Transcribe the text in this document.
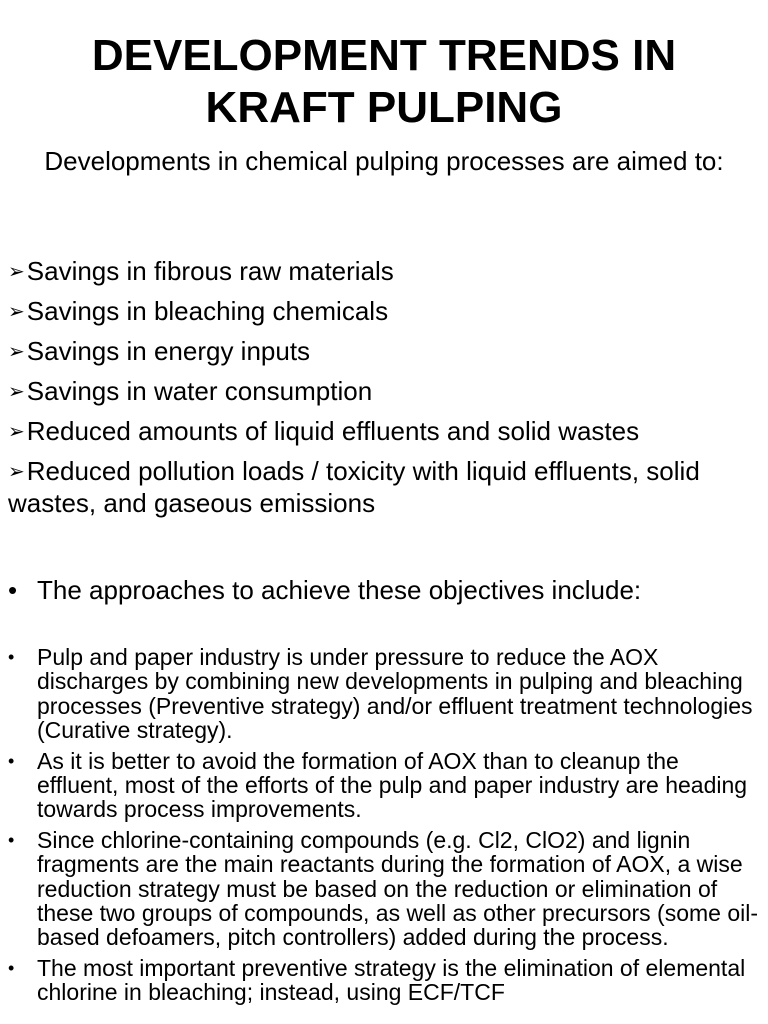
DEVELOPMENT TRENDS IN
KRAFT PULPING

Developments in chemical pulping processes are aimed to:

➢Savings in fibrous raw materials
➢Savings in bleaching chemicals
➢Savings in energy inputs
➢Savings in water consumption
➢Reduced amounts of liquid effluents and solid wastes
➢Reduced pollution loads / toxicity with liquid effluents, solid wastes, and gaseous emissions
• The approaches to achieve these objectives include:
• Pulp and paper industry is under pressure to reduce the AOX discharges by combining new developments in pulping and bleaching processes (Preventive strategy) and/or effluent treatment technologies (Curative strategy).
• As it is better to avoid the formation of AOX than to cleanup the effluent, most of the efforts of the pulp and paper industry are heading towards process improvements.
• Since chlorine-containing compounds (e.g. Cl2, ClO2) and lignin fragments are the main reactants during the formation of AOX, a wise reduction strategy must be based on the reduction or elimination of these two groups of compounds, as well as other precursors (some oil-based defoamers, pitch controllers) added during the process.
• The most important preventive strategy is the elimination of elemental chlorine in bleaching; instead, using ECF/TCF
